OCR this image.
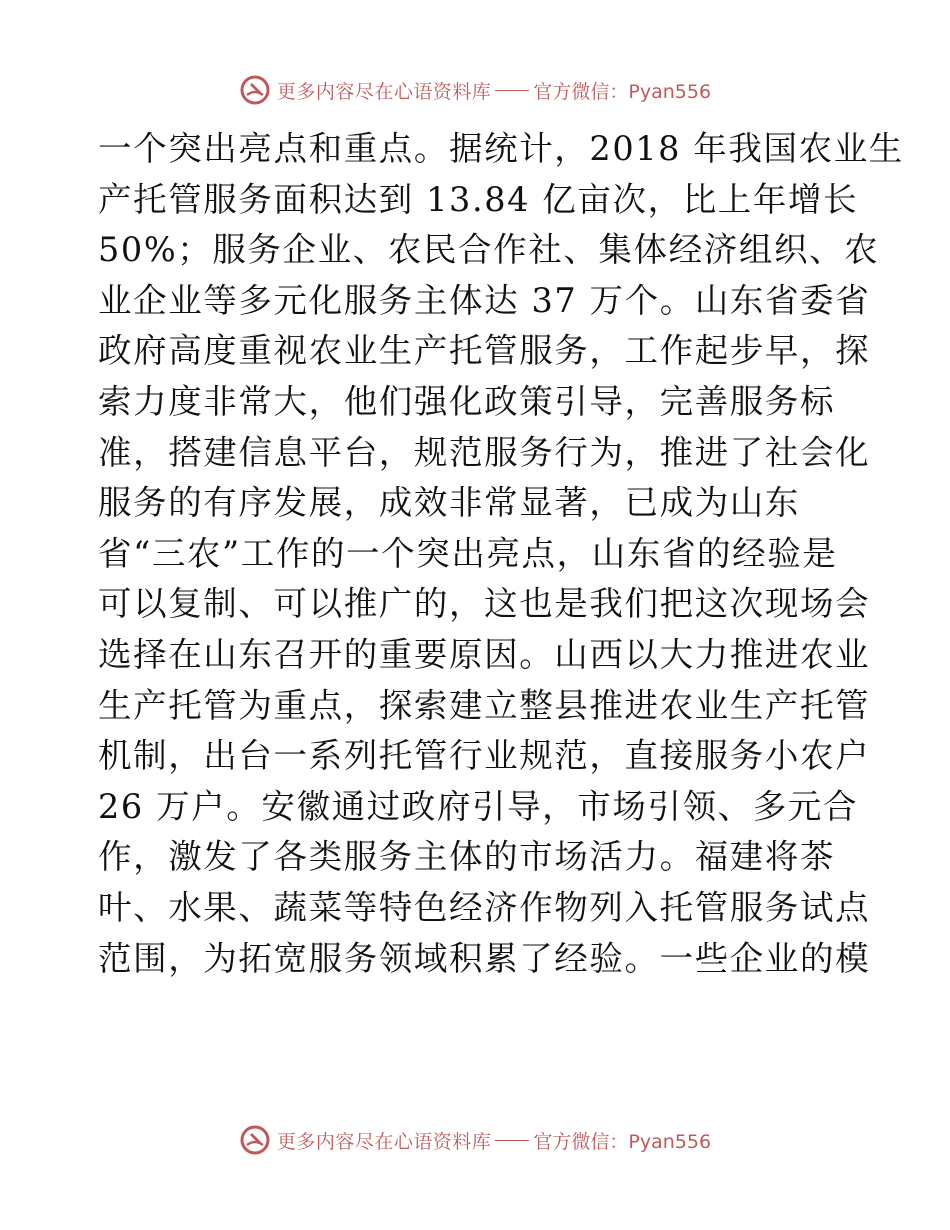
更多内容尽在心语资料库 官方微信：Pyan556
一个突出亮点和重点。据统计，2018 年我国农业生
产托管服务面积达到 13.84 亿亩次，比上年增长
50%；服务企业、农民合作社、集体经济组织、农
业企业等多元化服务主体达 37 万个。山东省委省
政府高度重视农业生产托管服务，工作起步早，探
索力度非常大，他们强化政策引导，完善服务标
准，搭建信息平台，规范服务行为，推进了社会化
服务的有序发展，成效非常显著，已成为山东
省“三农”工作的一个突出亮点，山东省的经验是
可以复制、可以推广的，这也是我们把这次现场会
选择在山东召开的重要原因。山西以大力推进农业
生产托管为重点，探索建立整县推进农业生产托管
机制，出台一系列托管行业规范，直接服务小农户
26 万户。安徽通过政府引导，市场引领、多元合
作，激发了各类服务主体的市场活力。福建将茶
叶、水果、蔬菜等特色经济作物列入托管服务试点
范围，为拓宽服务领域积累了经验。一些企业的模
更多内容尽在心语资料库 官方微信：Pyan556
